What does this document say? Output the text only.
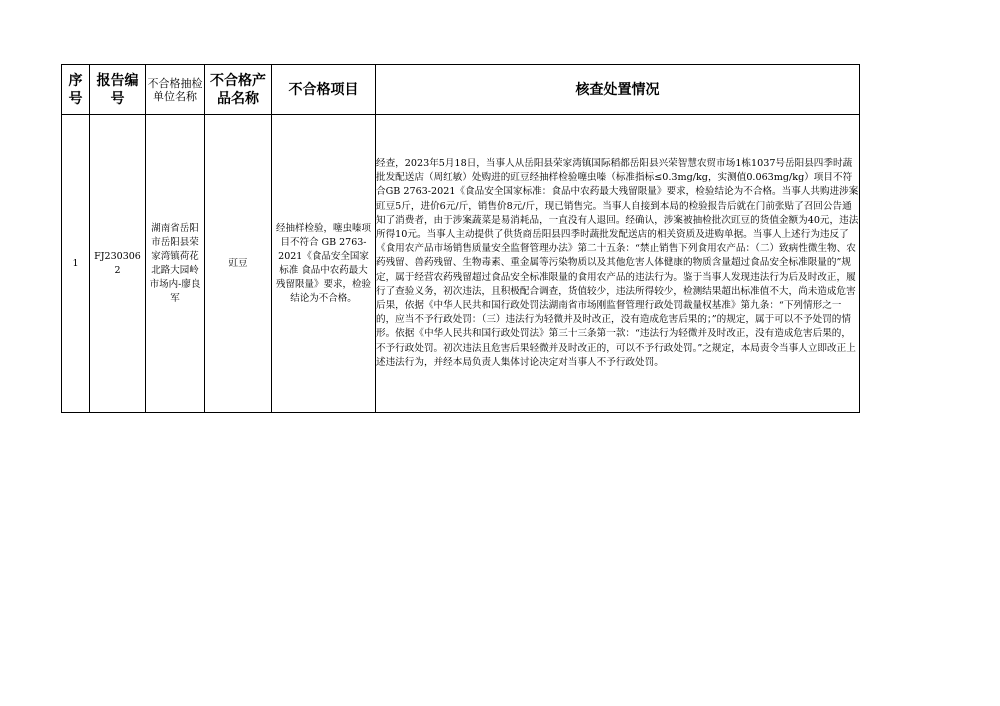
序号	报告编号	不合格抽检单位名称	不合格产品名称	不合格项目	核查处置情况
1	FJ2303062	湖南省岳阳市岳阳县荣家湾镇荷花北路大园岭市场内-廖良军	豇豆	经抽样检验，噻虫嗪项目不符合 GB 2763-2021《食品安全国家标准 食品中农药最大残留限量》要求，检验结论为不合格。	经查，2023年5月18日，当事人从岳阳县荣家湾镇国际稻都岳阳县兴荣智慧农贸市场1栋1037号岳阳县四季时蔬批发配送店（周红敏）处购进的豇豆经抽样检验噻虫嗪（标准指标≤0.3mg/kg，实测值0.063mg/kg）项目不符合GB 2763-2021《食品安全国家标准：食品中农药最大残留限量》要求，检验结论为不合格。当事人共购进涉案豇豆5斤，进价6元/斤，销售价8元/斤，现已销售完。当事人自接到本局的检验报告后就在门前张贴了召回公告通知了消费者，由于涉案蔬菜是易消耗品，一直没有人退回。经确认，涉案被抽检批次豇豆的货值金额为40元，违法所得10元。当事人主动提供了供货商岳阳县四季时蔬批发配送店的相关资质及进购单据。当事人上述行为违反了《食用农产品市场销售质量安全监督管理办法》第二十五条：“禁止销售下列食用农产品：（二）致病性微生物、农药残留、兽药残留、生物毒素、重金属等污染物质以及其他危害人体健康的物质含量超过食品安全标准限量的”规定，属于经营农药残留超过食品安全标准限量的食用农产品的违法行为。鉴于当事人发现违法行为后及时改正，履行了查验义务，初次违法，且积极配合调查，货值较少，违法所得较少，检测结果超出标准值不大，尚未造成危害后果，依据《中华人民共和国行政处罚法湖南省市场刚监督管理行政处罚裁量权基准》第九条：“下列情形之一的，应当不予行政处罚：（三）违法行为轻微并及时改正，没有造成危害后果的；”的规定，属于可以不予处罚的情形。依据《中华人民共和国行政处罚法》第三十三条第一款：“违法行为轻微并及时改正，没有造成危害后果的，不予行政处罚。初次违法且危害后果轻微并及时改正的，可以不予行政处罚。”之规定，本局责令当事人立即改正上述违法行为，并经本局负责人集体讨论决定对当事人不予行政处罚。
